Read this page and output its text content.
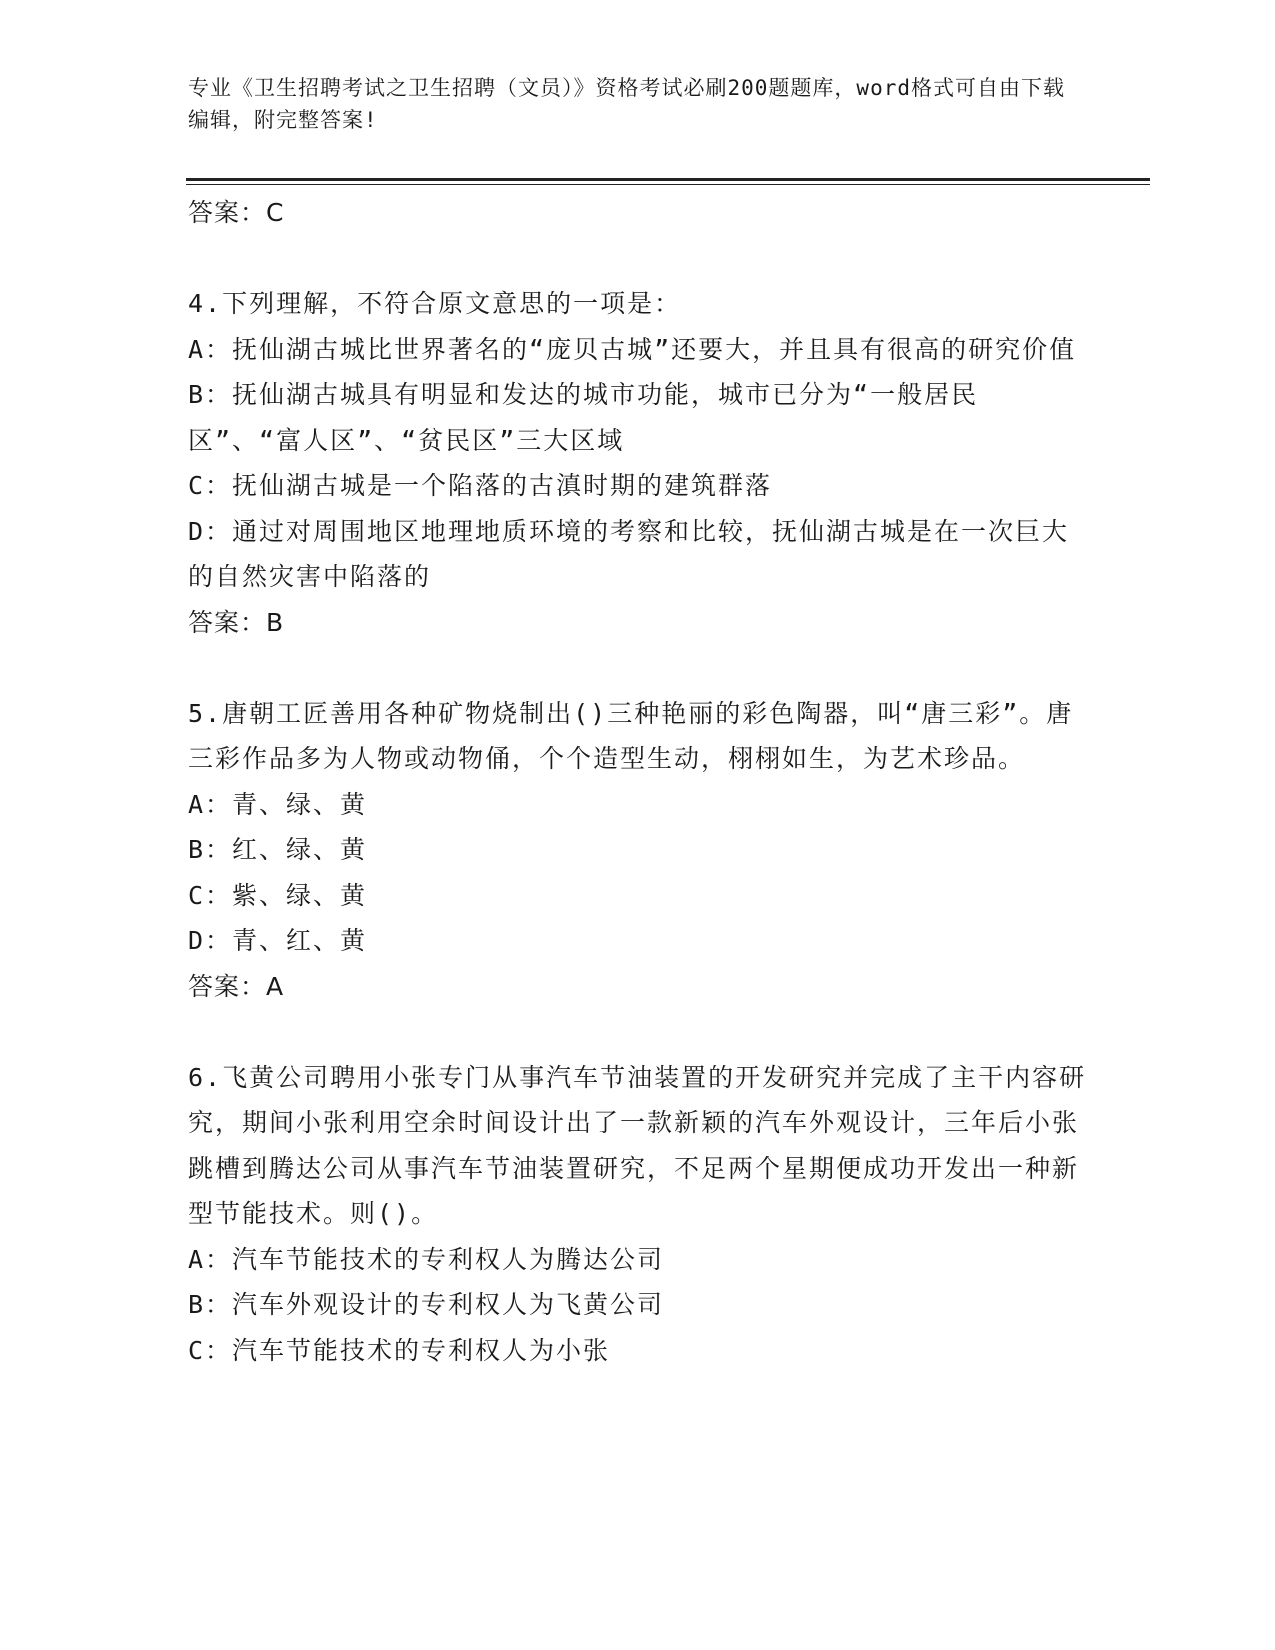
专业《卫生招聘考试之卫生招聘（文员）》资格考试必刷200题题库，word格式可自由下载编辑，附完整答案!

答案：C

4.下列理解，不符合原文意思的一项是：

A：抚仙湖古城比世界著名的“庞贝古城”还要大，并且具有很高的研究价值

B：抚仙湖古城具有明显和发达的城市功能，城市已分为“一般居民区”、“富人区”、“贫民区”三大区域

C：抚仙湖古城是一个陷落的古滇时期的建筑群落

D：通过对周围地区地理地质环境的考察和比较，抚仙湖古城是在一次巨大的自然灾害中陷落的

答案：B

5.唐朝工匠善用各种矿物烧制出()三种艳丽的彩色陶器，叫“唐三彩”。唐三彩作品多为人物或动物俑，个个造型生动，栩栩如生，为艺术珍品。

A：青、绿、黄

B：红、绿、黄

C：紫、绿、黄

D：青、红、黄

答案：A

6.飞黄公司聘用小张专门从事汽车节油装置的开发研究并完成了主干内容研究，期间小张利用空余时间设计出了一款新颖的汽车外观设计，三年后小张跳槽到腾达公司从事汽车节油装置研究，不足两个星期便成功开发出一种新型节能技术。则()。

A：汽车节能技术的专利权人为腾达公司

B：汽车外观设计的专利权人为飞黄公司

C：汽车节能技术的专利权人为小张
